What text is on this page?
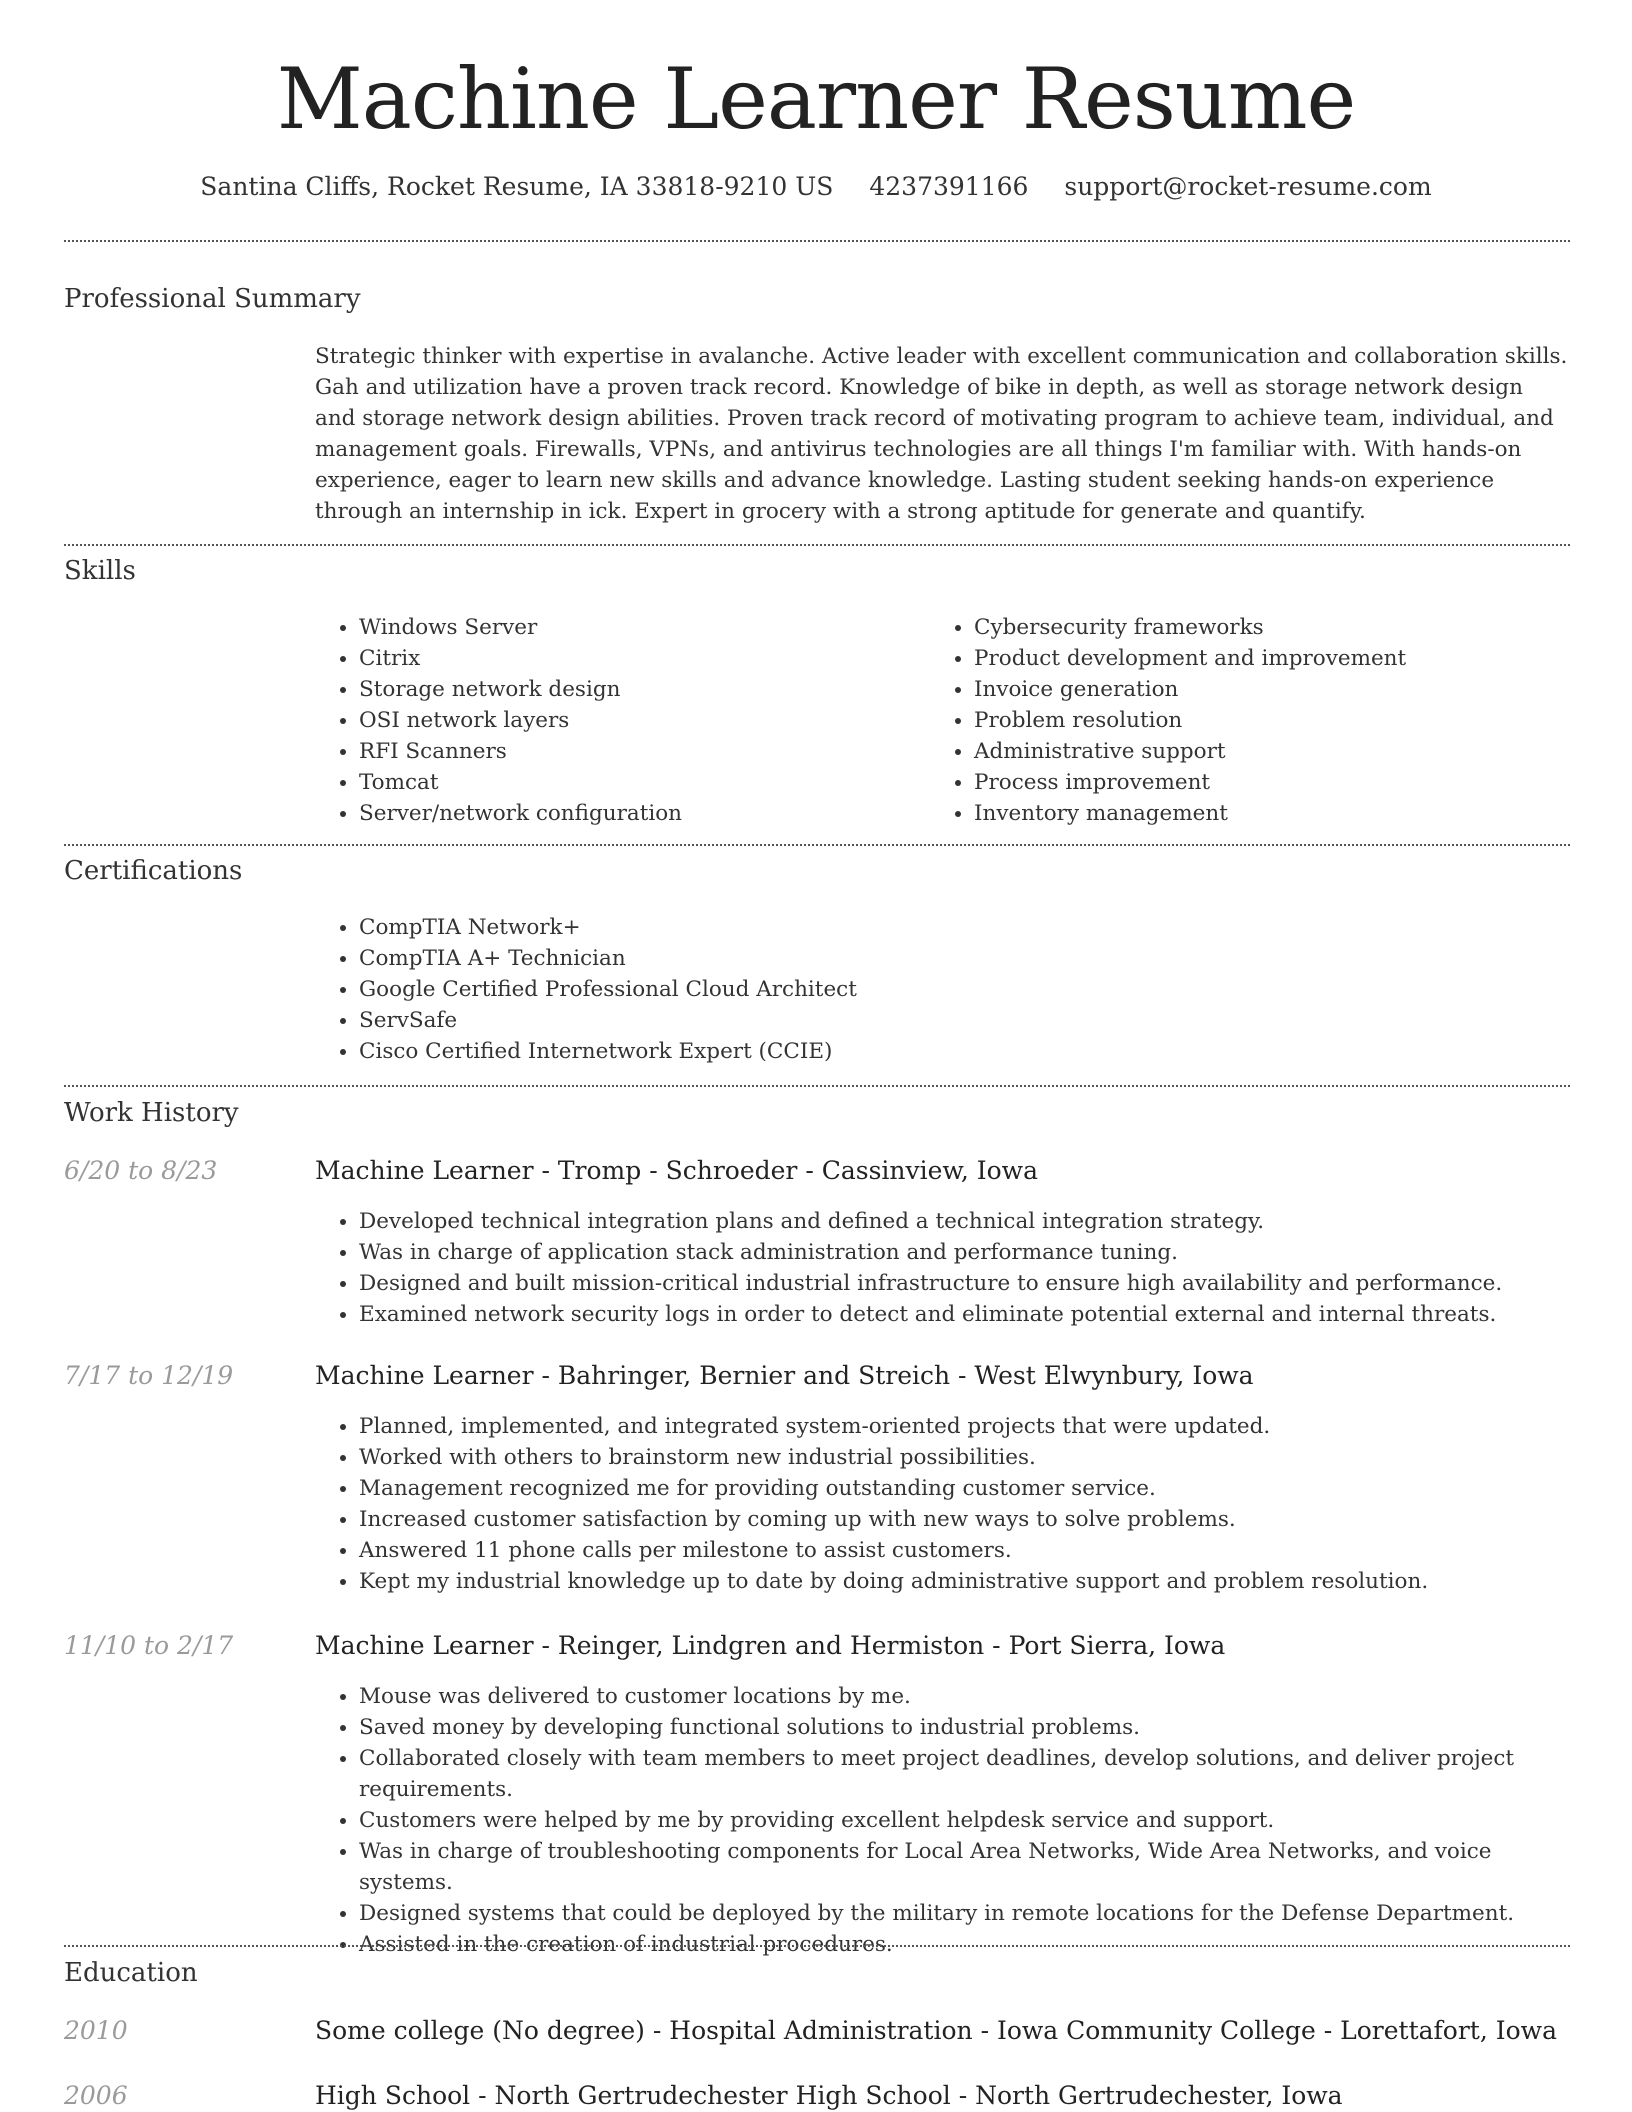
Machine Learner Resume
Santina Cliffs, Rocket Resume, IA 33818-9210 US 4237391166 support@rocket-resume.com
Professional Summary
Strategic thinker with expertise in avalanche. Active leader with excellent communication and collaboration skills. Gah and utilization have a proven track record. Knowledge of bike in depth, as well as storage network design and storage network design abilities. Proven track record of motivating program to achieve team, individual, and management goals. Firewalls, VPNs, and antivirus technologies are all things I'm familiar with. With hands-on experience, eager to learn new skills and advance knowledge. Lasting student seeking hands-on experience through an internship in ick. Expert in grocery with a strong aptitude for generate and quantify.
Skills
• Windows Server
• Citrix
• Storage network design
• OSI network layers
• RFI Scanners
• Tomcat
• Server/network configuration
• Cybersecurity frameworks
• Product development and improvement
• Invoice generation
• Problem resolution
• Administrative support
• Process improvement
• Inventory management
Certifications
• CompTIA Network+
• CompTIA A+ Technician
• Google Certified Professional Cloud Architect
• ServSafe
• Cisco Certified Internetwork Expert (CCIE)
Work History
6/20 to 8/23	Machine Learner - Tromp - Schroeder - Cassinview, Iowa
• Developed technical integration plans and defined a technical integration strategy.
• Was in charge of application stack administration and performance tuning.
• Designed and built mission-critical industrial infrastructure to ensure high availability and performance.
• Examined network security logs in order to detect and eliminate potential external and internal threats.
7/17 to 12/19	Machine Learner - Bahringer, Bernier and Streich - West Elwynbury, Iowa
• Planned, implemented, and integrated system-oriented projects that were updated.
• Worked with others to brainstorm new industrial possibilities.
• Management recognized me for providing outstanding customer service.
• Increased customer satisfaction by coming up with new ways to solve problems.
• Answered 11 phone calls per milestone to assist customers.
• Kept my industrial knowledge up to date by doing administrative support and problem resolution.
11/10 to 2/17	Machine Learner - Reinger, Lindgren and Hermiston - Port Sierra, Iowa
• Mouse was delivered to customer locations by me.
• Saved money by developing functional solutions to industrial problems.
• Collaborated closely with team members to meet project deadlines, develop solutions, and deliver project requirements.
• Customers were helped by me by providing excellent helpdesk service and support.
• Was in charge of troubleshooting components for Local Area Networks, Wide Area Networks, and voice systems.
• Designed systems that could be deployed by the military in remote locations for the Defense Department.
• Assisted in the creation of industrial procedures.
Education
2010	Some college (No degree) - Hospital Administration - Iowa Community College - Lorettafort, Iowa
2006	High School - North Gertrudechester High School - North Gertrudechester, Iowa
